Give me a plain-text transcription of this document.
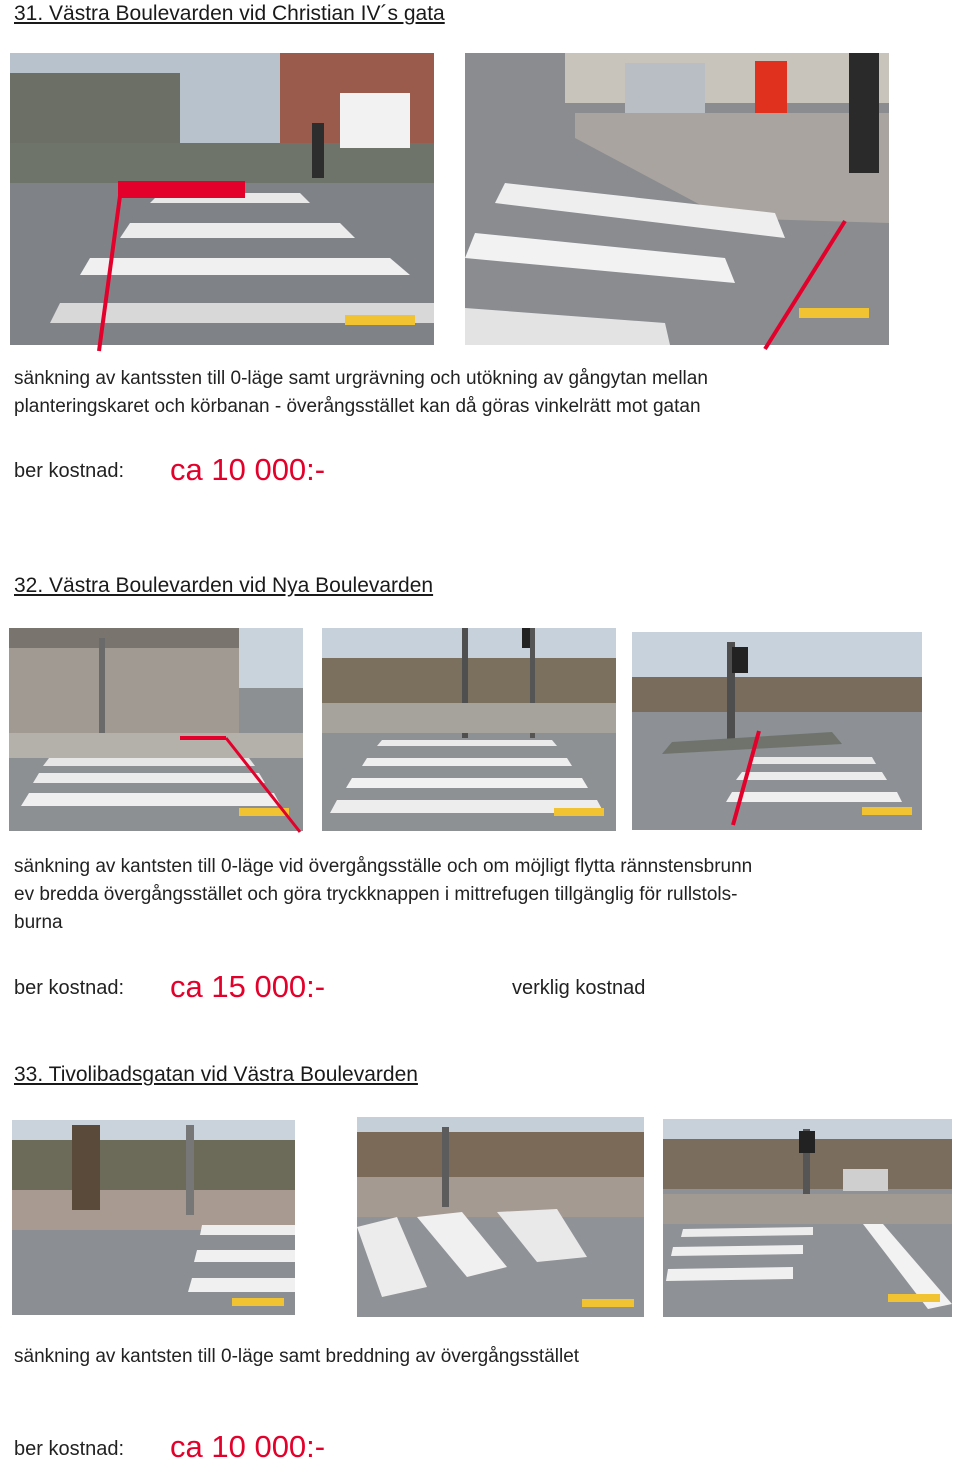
31. Västra Boulevarden vid Christian IV´s gata
sänkning av kantssten till 0-läge samt urgrävning och utökning av gångytan mellan
planteringskaret och körbanan - överångsstället kan då göras vinkelrätt mot gatan
ber kostnad: ca 10 000:-
32. Västra Boulevarden vid Nya Boulevarden
sänkning av kantsten till 0-läge vid övergångsställe och om möjligt flytta rännstensbrunn
ev bredda övergångsstället och göra tryckknappen i mittrefugen tillgänglig för rullstols-
burna
ber kostnad: ca 15 000:-	verklig kostnad
33. Tivolibadsgatan vid Västra Boulevarden
sänkning av kantsten till 0-läge samt breddning av övergångsstället
ber kostnad: ca 10 000:-
